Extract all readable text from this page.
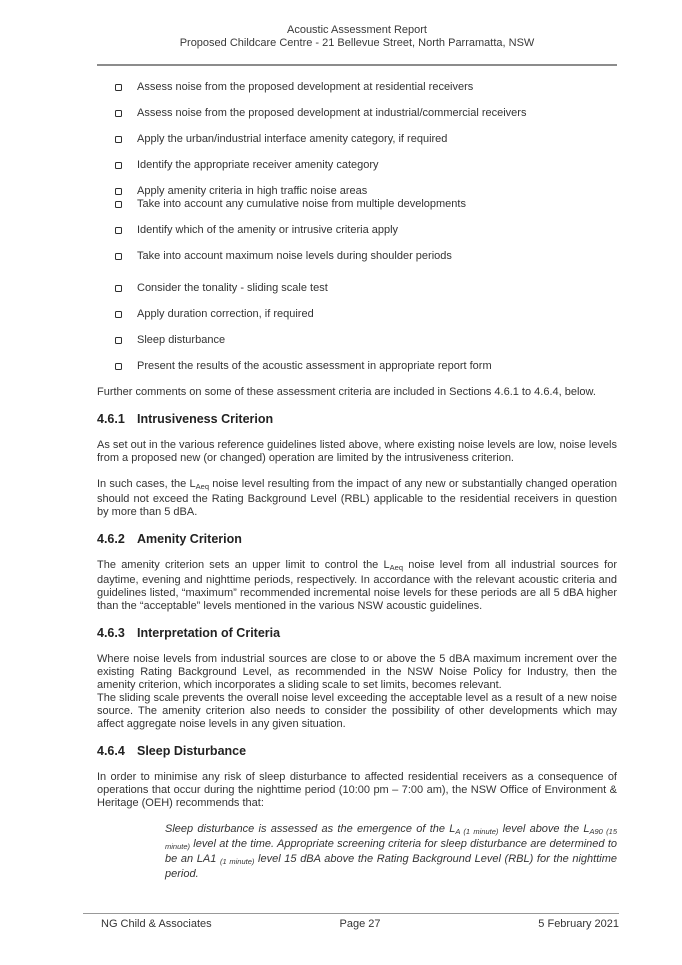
Acoustic Assessment Report
Proposed Childcare Centre - 21 Bellevue Street, North Parramatta, NSW
Assess noise from the proposed development at residential receivers
Assess noise from the proposed development at industrial/commercial receivers
Apply the urban/industrial interface amenity category, if required
Identify the appropriate receiver amenity category
Apply amenity criteria in high traffic noise areas
Take into account any cumulative noise from multiple developments
Identify which of the amenity or intrusive criteria apply
Take into account maximum noise levels during shoulder periods
Consider the tonality - sliding scale test
Apply duration correction, if required
Sleep disturbance
Present the results of the acoustic assessment in appropriate report form

Further comments on some of these assessment criteria are included in Sections 4.6.1 to 4.6.4, below.

4.6.1 Intrusiveness Criterion

As set out in the various reference guidelines listed above, where existing noise levels are low, noise levels from a proposed new (or changed) operation are limited by the intrusiveness criterion.

In such cases, the $L_{Aeq}$ noise level resulting from the impact of any new or substantially changed operation should not exceed the Rating Background Level (RBL) applicable to the residential receivers in question by more than 5 dBA.

4.6.2 Amenity Criterion

The amenity criterion sets an upper limit to control the $L_{Aeq}$ noise level from all industrial sources for daytime, evening and nighttime periods, respectively. In accordance with the relevant acoustic criteria and guidelines listed, “maximum” recommended incremental noise levels for these periods are all 5 dBA higher than the “acceptable” levels mentioned in the various NSW acoustic guidelines.

4.6.3 Interpretation of Criteria

Where noise levels from industrial sources are close to or above the 5 dBA maximum increment over the existing Rating Background Level, as recommended in the NSW Noise Policy for Industry, then the amenity criterion, which incorporates a sliding scale to set limits, becomes relevant.

The sliding scale prevents the overall noise level exceeding the acceptable level as a result of a new noise source. The amenity criterion also needs to consider the possibility of other developments which may affect aggregate noise levels in any given situation.

4.6.4 Sleep Disturbance

In order to minimise any risk of sleep disturbance to affected residential receivers as a consequence of operations that occur during the nighttime period (10:00 pm – 7:00 am), the NSW Office of Environment & Heritage (OEH) recommends that:

Sleep disturbance is assessed as the emergence of the $L_{A (1 minute)}$ level above the $L_{A90 (15 minute)}$ level at the time. Appropriate screening criteria for sleep disturbance are determined to be an LA1 $_{(1 minute)}$ level 15 dBA above the Rating Background Level (RBL) for the nighttime period.

NG Child & Associates	Page 27	5 February 2021
